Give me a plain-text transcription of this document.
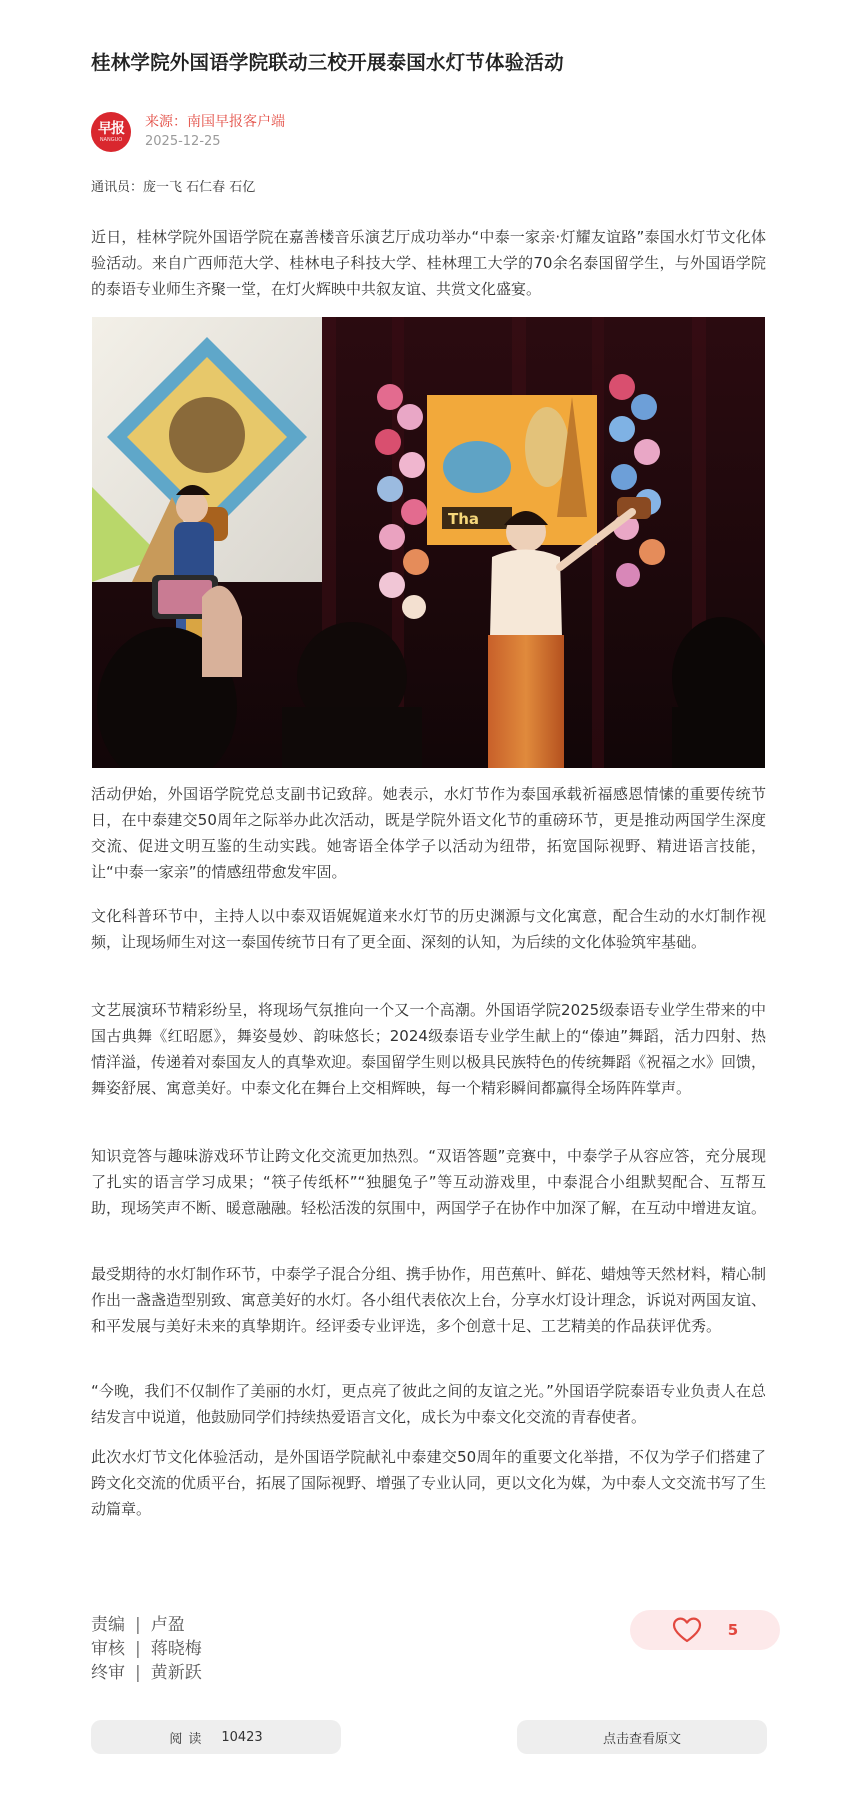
桂林学院外国语学院联动三校开展泰国水灯节体验活动
早报
NANGUO
来源：南国早报客户端
2025-12-25
通讯员：庞一飞 石仁春 石亿

近日，桂林学院外国语学院在嘉善楼音乐演艺厅成功举办“中泰一家亲·灯耀友谊路”泰国水灯节文化体验活动。来自广西师范大学、桂林电子科技大学、桂林理工大学的70余名泰国留学生，与外国语学院的泰语专业师生齐聚一堂，在灯火辉映中共叙友谊、共赏文化盛宴。

Tha

活动伊始，外国语学院党总支副书记致辞。她表示，水灯节作为泰国承载祈福感恩情愫的重要传统节日，在中泰建交50周年之际举办此次活动，既是学院外语文化节的重磅环节，更是推动两国学生深度交流、促进文明互鉴的生动实践。她寄语全体学子以活动为纽带，拓宽国际视野、精进语言技能，让“中泰一家亲”的情感纽带愈发牢固。

文化科普环节中，主持人以中泰双语娓娓道来水灯节的历史渊源与文化寓意，配合生动的水灯制作视频，让现场师生对这一泰国传统节日有了更全面、深刻的认知，为后续的文化体验筑牢基础。

文艺展演环节精彩纷呈，将现场气氛推向一个又一个高潮。外国语学院2025级泰语专业学生带来的中国古典舞《红昭愿》，舞姿曼妙、韵味悠长；2024级泰语专业学生献上的“傣迪”舞蹈，活力四射、热情洋溢，传递着对泰国友人的真挚欢迎。泰国留学生则以极具民族特色的传统舞蹈《祝福之水》回馈，舞姿舒展、寓意美好。中泰文化在舞台上交相辉映，每一个精彩瞬间都赢得全场阵阵掌声。

知识竞答与趣味游戏环节让跨文化交流更加热烈。“双语答题”竞赛中，中泰学子从容应答，充分展现了扎实的语言学习成果；“筷子传纸杯”“独腿兔子”等互动游戏里，中泰混合小组默契配合、互帮互助，现场笑声不断、暖意融融。轻松活泼的氛围中，两国学子在协作中加深了解，在互动中增进友谊。

最受期待的水灯制作环节，中泰学子混合分组、携手协作，用芭蕉叶、鲜花、蜡烛等天然材料，精心制作出一盏盏造型别致、寓意美好的水灯。各小组代表依次上台，分享水灯设计理念，诉说对两国友谊、和平发展与美好未来的真挚期许。经评委专业评选，多个创意十足、工艺精美的作品获评优秀。

“今晚，我们不仅制作了美丽的水灯，更点亮了彼此之间的友谊之光。”外国语学院泰语专业负责人在总结发言中说道，他鼓励同学们持续热爱语言文化，成长为中泰文化交流的青春使者。

此次水灯节文化体验活动，是外国语学院献礼中泰建交50周年的重要文化举措，不仅为学子们搭建了跨文化交流的优质平台，拓展了国际视野、增强了专业认同，更以文化为媒，为中泰人文交流书写了生动篇章。

责编 | 卢盈
审核 | 蒋晓梅
终审 | 黄新跃
5
阅读 10423	点击查看原文
